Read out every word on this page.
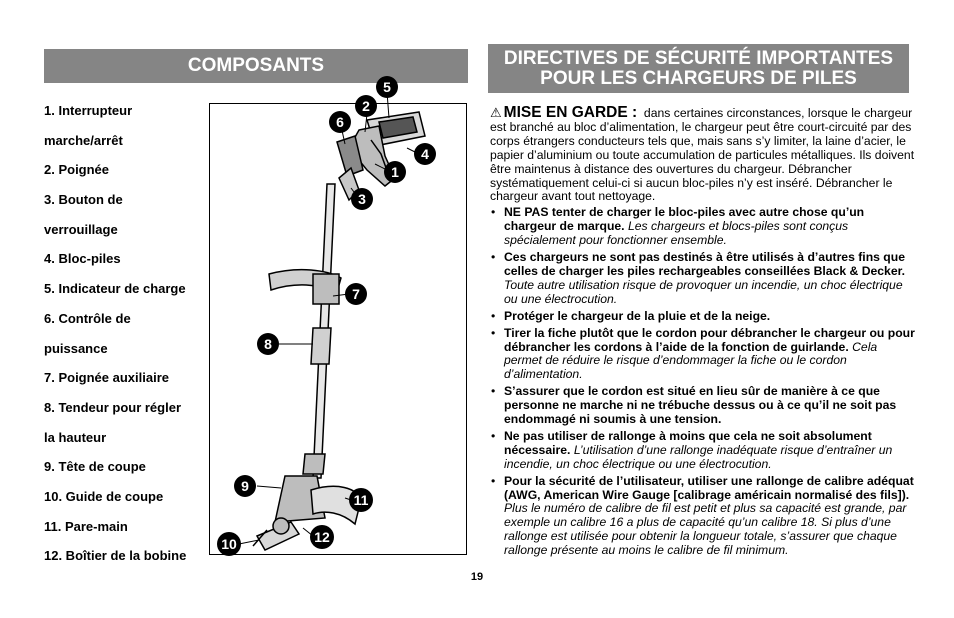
COMPOSANTS
1. Interrupteur
marche/arrêt
2. Poignée
3. Bouton de
verrouillage
4. Bloc-piles
5. Indicateur de charge
6. Contrôle de
puissance
7. Poignée auxiliaire
8. Tendeur pour régler
la hauteur
9. Tête de coupe
10. Guide de coupe
11. Pare-main
12. Boîtier de la bobine
1
2
3
4
5
6
7
8
9
10
11
12
DIRECTIVES DE SÉCURITÉ IMPORTANTES
POUR LES CHARGEURS DE PILES
⚠ MISE EN GARDE : dans certaines circonstances, lorsque le chargeur est branché au bloc d’alimentation, le chargeur peut être court-circuité par des corps étrangers conducteurs tels que, mais sans s’y limiter, la laine d’acier, le papier d’aluminium ou toute accumulation de particules métalliques. Ils doivent être maintenus à distance des ouvertures du chargeur. Débrancher systématiquement celui-ci si aucun bloc-piles n’y est inséré. Débrancher le chargeur avant tout nettoyage.
• NE PAS tenter de charger le bloc-piles avec autre chose qu’un chargeur de marque. Les chargeurs et blocs-piles sont conçus spécialement pour fonctionner ensemble.
• Ces chargeurs ne sont pas destinés à être utilisés à d’autres fins que celles de charger les piles rechargeables conseillées Black & Decker. Toute autre utilisation risque de provoquer un incendie, un choc électrique ou une électrocution.
• Protéger le chargeur de la pluie et de la neige.
• Tirer la fiche plutôt que le cordon pour débrancher le chargeur ou pour débrancher les cordons à l’aide de la fonction de guirlande. Cela permet de réduire le risque d’endommager la fiche ou le cordon d’alimentation.
• S’assurer que le cordon est situé en lieu sûr de manière à ce que personne ne marche ni ne trébuche dessus ou à ce qu’il ne soit pas endommagé ni soumis à une tension.
• Ne pas utiliser de rallonge à moins que cela ne soit absolument nécessaire. L’utilisation d’une rallonge inadéquate risque d’entraîner un incendie, un choc électrique ou une électrocution.
• Pour la sécurité de l’utilisateur, utiliser une rallonge de calibre adéquat (AWG, American Wire Gauge [calibrage américain normalisé des fils]). Plus le numéro de calibre de fil est petit et plus sa capacité est grande, par exemple un calibre 16 a plus de capacité qu’un calibre 18. Si plus d’une rallonge est utilisée pour obtenir la longueur totale, s’assurer que chaque rallonge présente au moins le calibre de fil minimum.
19
